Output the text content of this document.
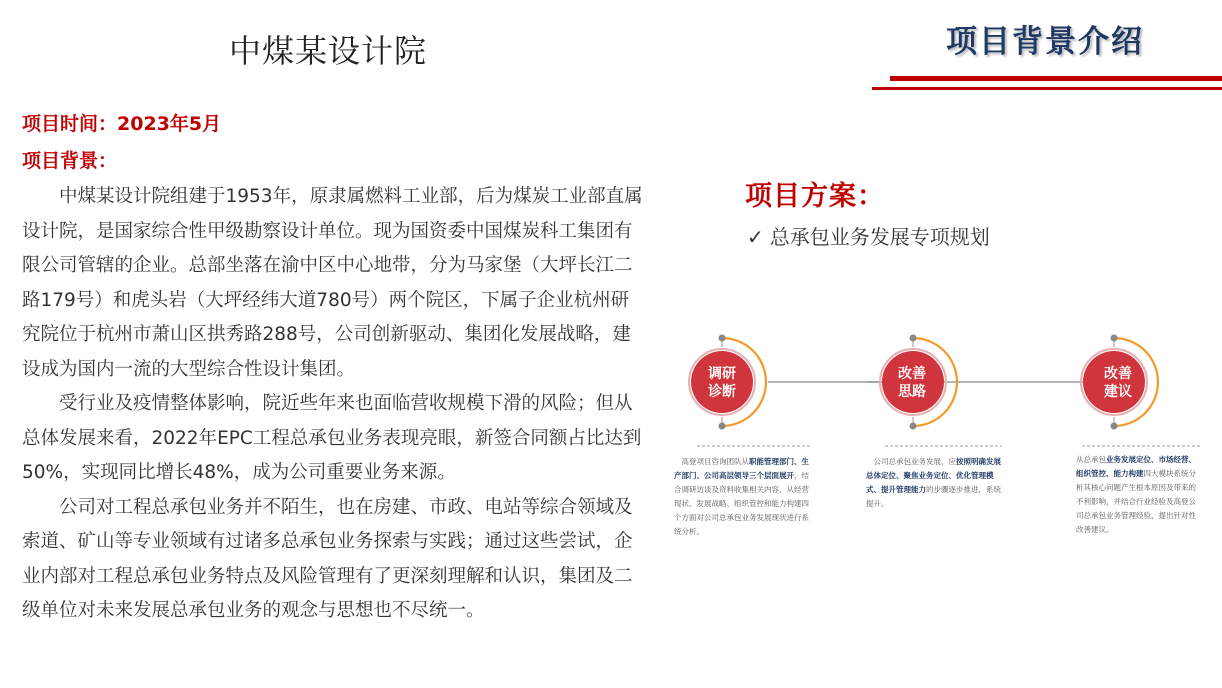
中煤某设计院	项目背景介绍
项目时间：2023年5月
项目背景：

中煤某设计院组建于1953年，原隶属燃料工业部，后为煤炭工业部直属设计院，是国家综合性甲级勘察设计单位。现为国资委中国煤炭科工集团有限公司管辖的企业。总部坐落在渝中区中心地带，分为马家堡（大坪长江二路179号）和虎头岩（大坪经纬大道780号）两个院区，下属子企业杭州研究院位于杭州市萧山区拱秀路288号，公司创新驱动、集团化发展战略，建设成为国内一流的大型综合性设计集团。

受行业及疫情整体影响，院近些年来也面临营收规模下滑的风险；但从总体发展来看，2022年EPC工程总承包业务表现亮眼，新签合同额占比达到50%，实现同比增长48%，成为公司重要业务来源。

公司对工程总承包业务并不陌生，也在房建、市政、电站等综合领域及索道、矿山等专业领域有过诸多总承包业务探索与实践；通过这些尝试，企业内部对工程总承包业务特点及风险管理有了更深刻理解和认识，集团及二级单位对未来发展总承包业务的观念与思想也不尽统一。

项目方案：
✓ 总承包业务发展专项规划
调研
诊断
改善
思路
改善
建议
 高登项目咨询团队从职能管理部门、生产部门、公司高层领导三个层面展开，结合调研访谈及资料收集相关内容，从经营现状、发展战略、组织管控和能力构建四个方面对公司总承包业务发展现状进行系统分析。
 公司总承包业务发展，应按照明确发展总体定位、聚焦业务定位、优化管理模式、提升管理能力的步骤逐步推进，系统提升。
从总承包业务发展定位、市场经营、组织管控、能力构建四大模块系统分析其核心问题产生根本原因及带来的不利影响，并结合行业经验及高登公司总承包业务管理经验，提出针对性改善建议。
